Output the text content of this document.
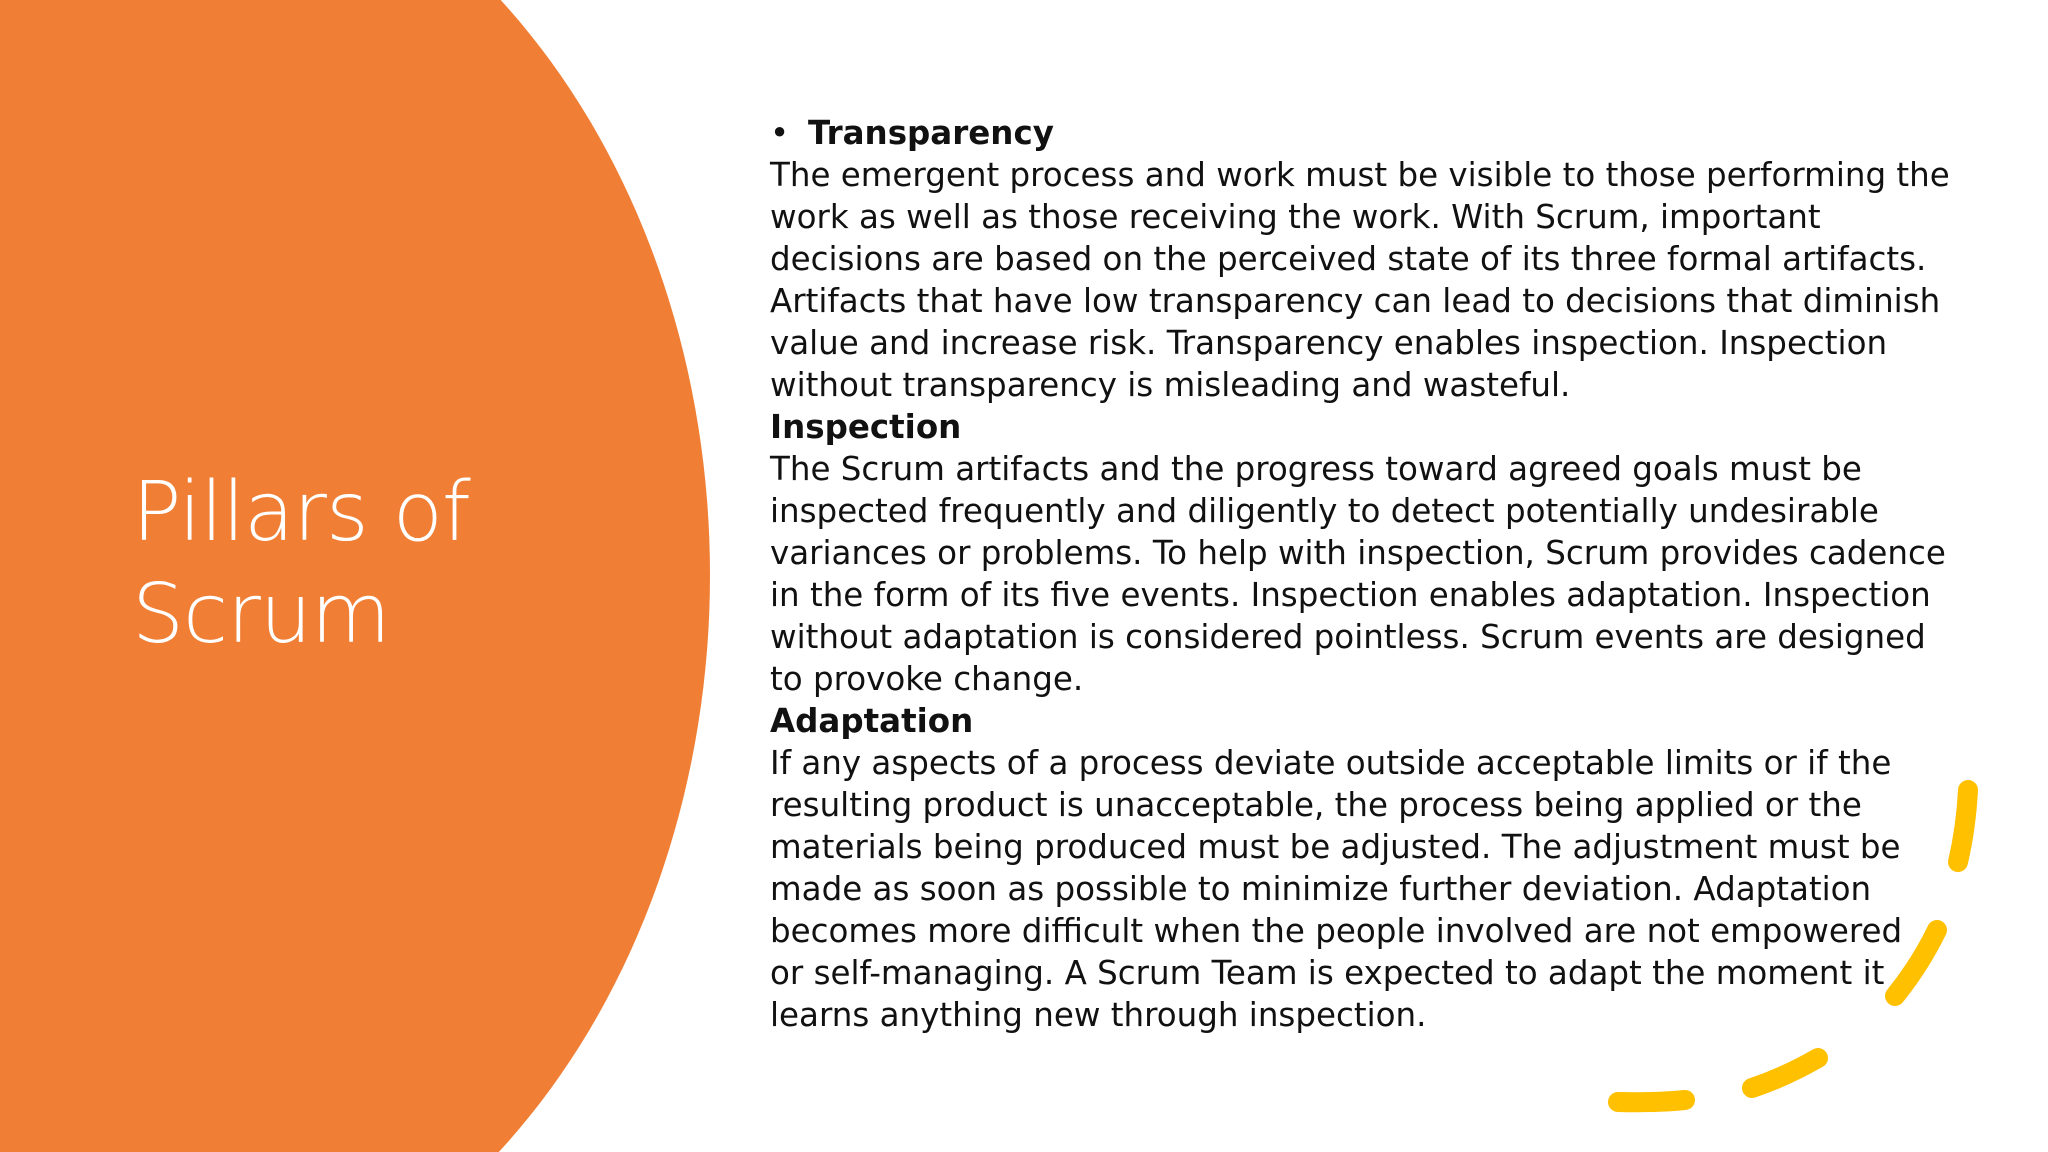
Pillars of
Scrum
• Transparency
The emergent process and work must be visible to those performing the
work as well as those receiving the work. With Scrum, important
decisions are based on the perceived state of its three formal artifacts.
Artifacts that have low transparency can lead to decisions that diminish
value and increase risk. Transparency enables inspection. Inspection
without transparency is misleading and wasteful.
Inspection
The Scrum artifacts and the progress toward agreed goals must be
inspected frequently and diligently to detect potentially undesirable
variances or problems. To help with inspection, Scrum provides cadence
in the form of its five events. Inspection enables adaptation. Inspection
without adaptation is considered pointless. Scrum events are designed
to provoke change.
Adaptation
If any aspects of a process deviate outside acceptable limits or if the
resulting product is unacceptable, the process being applied or the
materials being produced must be adjusted. The adjustment must be
made as soon as possible to minimize further deviation. Adaptation
becomes more difficult when the people involved are not empowered
or self-managing. A Scrum Team is expected to adapt the moment it
learns anything new through inspection.
